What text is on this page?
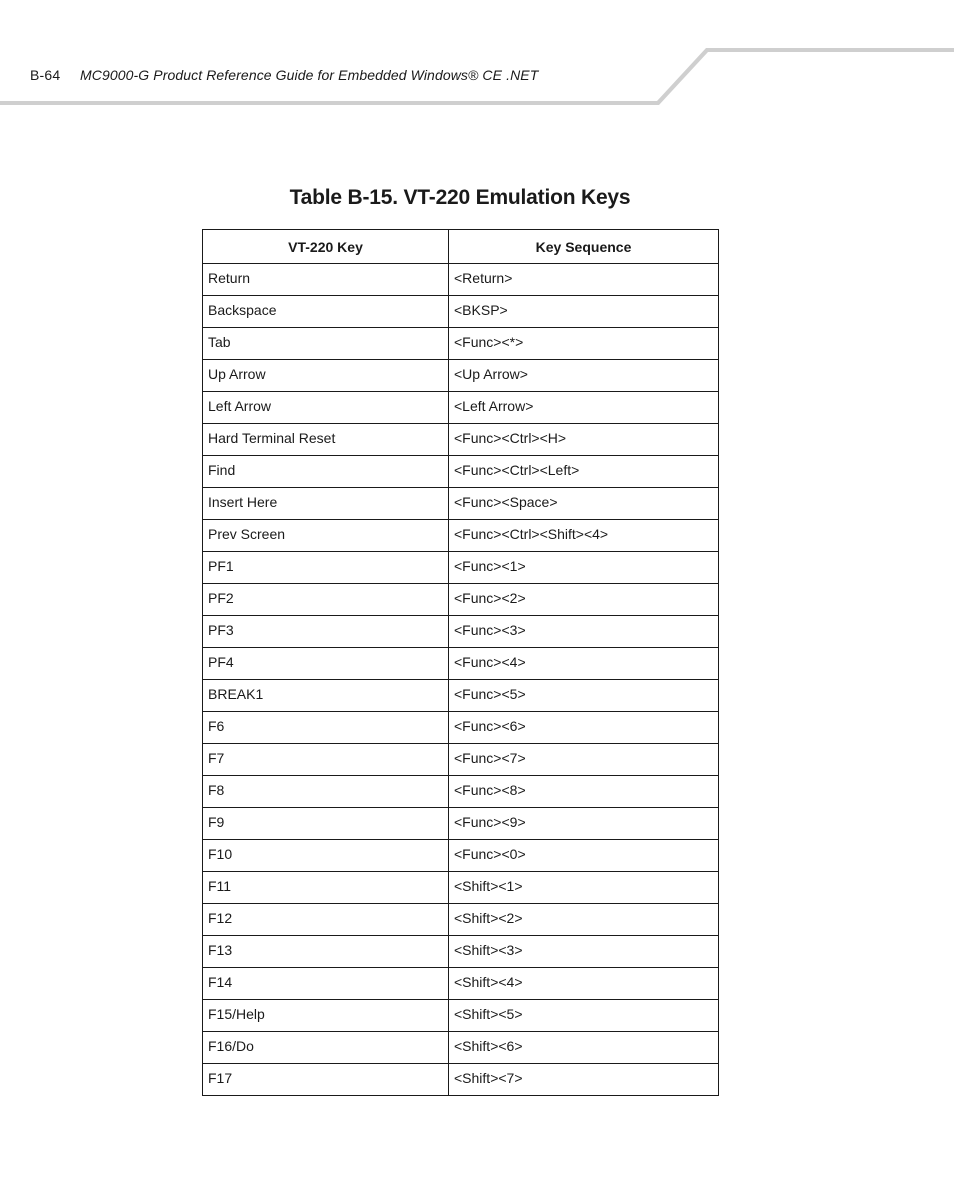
B-64 MC9000-G Product Reference Guide for Embedded Windows® CE .NET
Table B-15. VT-220 Emulation Keys
VT-220 Key	Key Sequence
Return	<Return>
Backspace	<BKSP>
Tab	<Func><*>
Up Arrow	<Up Arrow>
Left Arrow	<Left Arrow>
Hard Terminal Reset	<Func><Ctrl><H>
Find	<Func><Ctrl><Left>
Insert Here	<Func><Space>
Prev Screen	<Func><Ctrl><Shift><4>
PF1	<Func><1>
PF2	<Func><2>
PF3	<Func><3>
PF4	<Func><4>
BREAK1	<Func><5>
F6	<Func><6>
F7	<Func><7>
F8	<Func><8>
F9	<Func><9>
F10	<Func><0>
F11	<Shift><1>
F12	<Shift><2>
F13	<Shift><3>
F14	<Shift><4>
F15/Help	<Shift><5>
F16/Do	<Shift><6>
F17	<Shift><7>
